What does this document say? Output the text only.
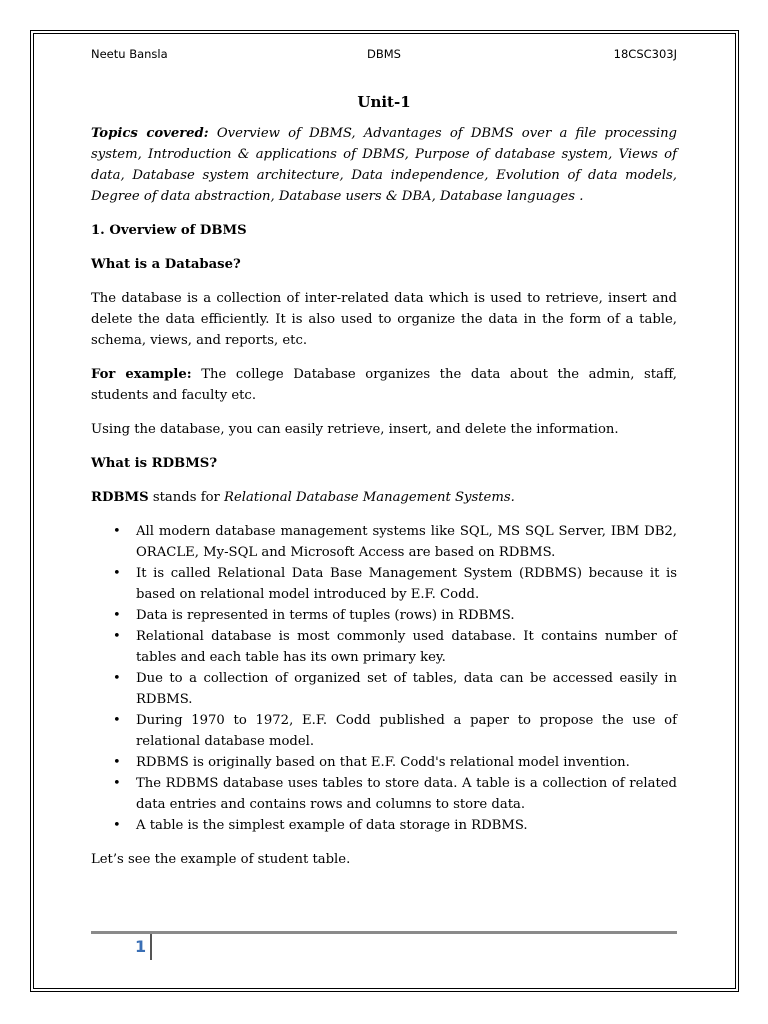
Neetu Bansla	DBMS	18CSC303J

Unit-1

Topics covered: Overview of DBMS, Advantages of DBMS over a file processing system, Introduction & applications of DBMS, Purpose of database system, Views of data, Database system architecture, Data independence, Evolution of data models, Degree of data abstraction, Database users & DBA, Database languages .

1. Overview of DBMS

What is a Database?

The database is a collection of inter-related data which is used to retrieve, insert and delete the data efficiently. It is also used to organize the data in the form of a table, schema, views, and reports, etc.

For example: The college Database organizes the data about the admin, staff, students and faculty etc.

Using the database, you can easily retrieve, insert, and delete the information.

What is RDBMS?

RDBMS stands for Relational Database Management Systems.

• All modern database management systems like SQL, MS SQL Server, IBM DB2, ORACLE, My-SQL and Microsoft Access are based on RDBMS.
• It is called Relational Data Base Management System (RDBMS) because it is based on relational model introduced by E.F. Codd.
• Data is represented in terms of tuples (rows) in RDBMS.
• Relational database is most commonly used database. It contains number of tables and each table has its own primary key.
• Due to a collection of organized set of tables, data can be accessed easily in RDBMS.
• During 1970 to 1972, E.F. Codd published a paper to propose the use of relational database model.
• RDBMS is originally based on that E.F. Codd's relational model invention.
• The RDBMS database uses tables to store data. A table is a collection of related data entries and contains rows and columns to store data.
• A table is the simplest example of data storage in RDBMS.

Let’s see the example of student table.

1
